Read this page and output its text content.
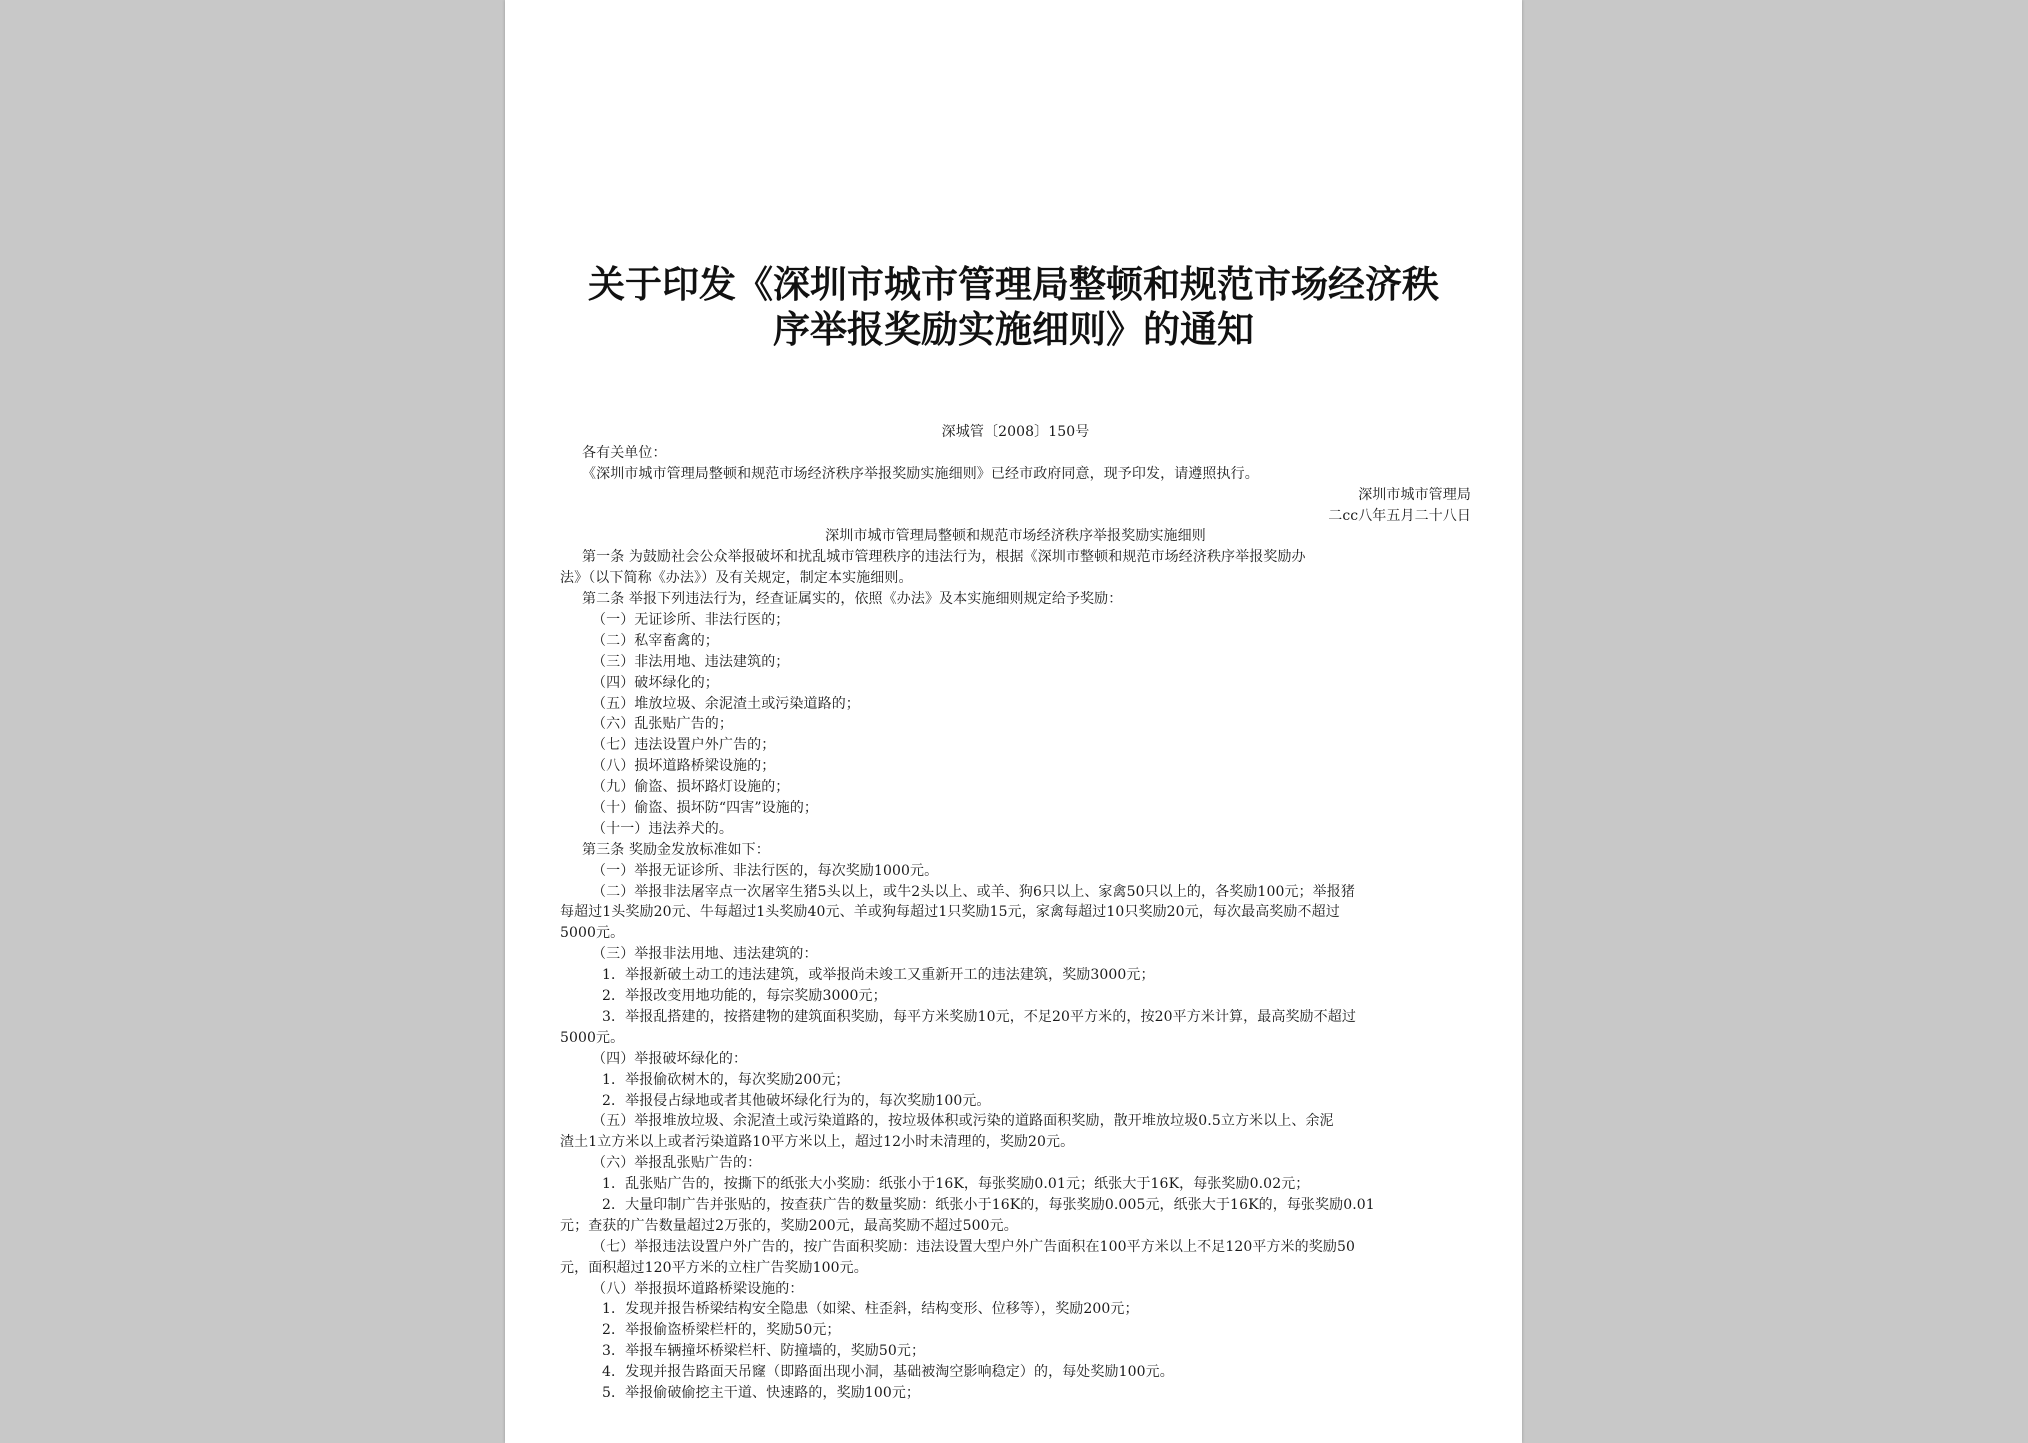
关于印发《深圳市城市管理局整顿和规范市场经济秩
序举报奖励实施细则》的通知
深城管〔2008〕150号
各有关单位：
《深圳市城市管理局整顿和规范市场经济秩序举报奖励实施细则》已经市政府同意，现予印发，请遵照执行。
深圳市城市管理局
二cc八年五月二十八日
深圳市城市管理局整顿和规范市场经济秩序举报奖励实施细则
第一条 为鼓励社会公众举报破坏和扰乱城市管理秩序的违法行为，根据《深圳市整顿和规范市场经济秩序举报奖励办
法》（以下简称《办法》）及有关规定，制定本实施细则。
第二条 举报下列违法行为，经查证属实的，依照《办法》及本实施细则规定给予奖励：
（一）无证诊所、非法行医的；
（二）私宰畜禽的；
（三）非法用地、违法建筑的；
（四）破坏绿化的；
（五）堆放垃圾、余泥渣土或污染道路的；
（六）乱张贴广告的；
（七）违法设置户外广告的；
（八）损坏道路桥梁设施的；
（九）偷盗、损坏路灯设施的；
（十）偷盗、损坏防“四害”设施的；
（十一）违法养犬的。
第三条 奖励金发放标准如下：
（一）举报无证诊所、非法行医的，每次奖励1000元。
（二）举报非法屠宰点一次屠宰生猪5头以上，或牛2头以上、或羊、狗6只以上、家禽50只以上的，各奖励100元；举报猪
每超过1头奖励20元、牛每超过1头奖励40元、羊或狗每超过1只奖励15元，家禽每超过10只奖励20元，每次最高奖励不超过
5000元。
（三）举报非法用地、违法建筑的：
1．举报新破土动工的违法建筑，或举报尚未竣工又重新开工的违法建筑，奖励3000元；
2．举报改变用地功能的，每宗奖励3000元；
3．举报乱搭建的，按搭建物的建筑面积奖励，每平方米奖励10元，不足20平方米的，按20平方米计算，最高奖励不超过
5000元。
（四）举报破坏绿化的：
1．举报偷砍树木的，每次奖励200元；
2．举报侵占绿地或者其他破坏绿化行为的，每次奖励100元。
（五）举报堆放垃圾、余泥渣土或污染道路的，按垃圾体积或污染的道路面积奖励，散开堆放垃圾0.5立方米以上、余泥
渣土1立方米以上或者污染道路10平方米以上，超过12小时未清理的，奖励20元。
（六）举报乱张贴广告的：
1．乱张贴广告的，按撕下的纸张大小奖励：纸张小于16K，每张奖励0.01元；纸张大于16K，每张奖励0.02元；
2．大量印制广告并张贴的，按查获广告的数量奖励：纸张小于16K的，每张奖励0.005元，纸张大于16K的，每张奖励0.01
元；查获的广告数量超过2万张的，奖励200元，最高奖励不超过500元。
（七）举报违法设置户外广告的，按广告面积奖励：违法设置大型户外广告面积在100平方米以上不足120平方米的奖励50
元，面积超过120平方米的立柱广告奖励100元。
（八）举报损坏道路桥梁设施的：
1．发现并报告桥梁结构安全隐患（如梁、柱歪斜，结构变形、位移等），奖励200元；
2．举报偷盗桥梁栏杆的，奖励50元；
3．举报车辆撞坏桥梁栏杆、防撞墙的，奖励50元；
4．发现并报告路面天吊窿（即路面出现小洞，基础被淘空影响稳定）的，每处奖励100元。
5．举报偷破偷挖主干道、快速路的，奖励100元；
